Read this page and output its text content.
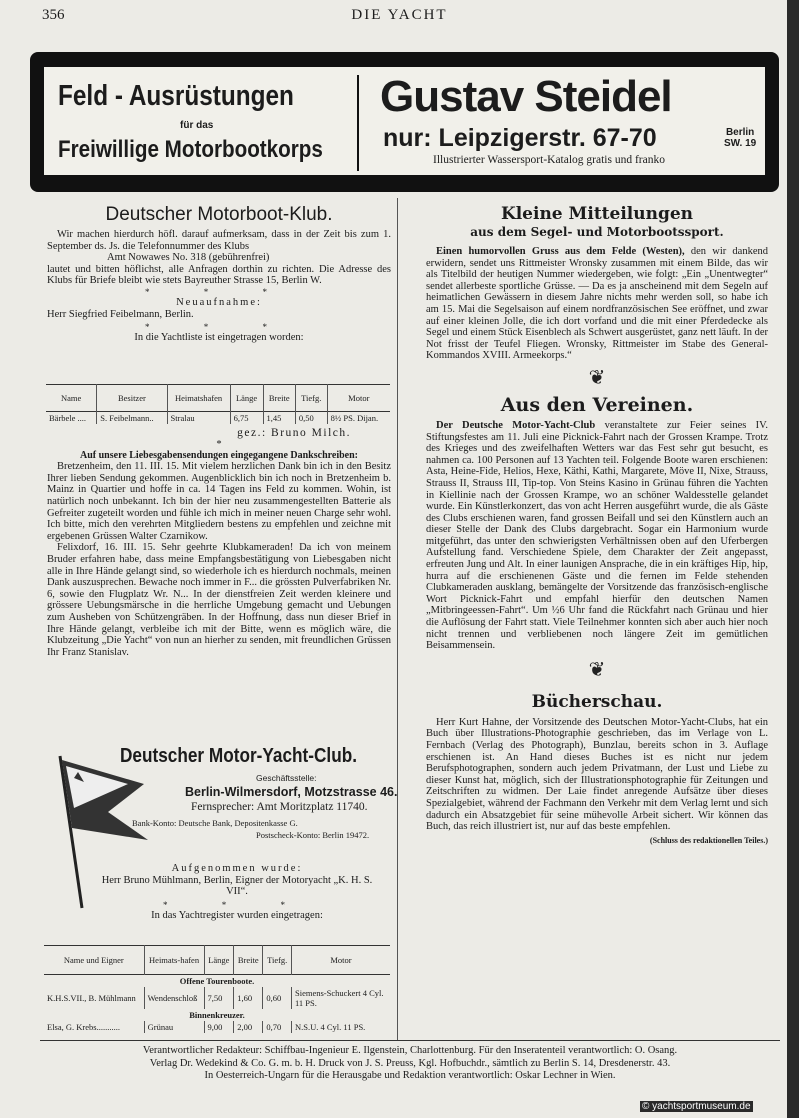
356	DIE YACHT
Feld - Ausrüstungen
für das
Freiwillige Motorbootkorps
Gustav Steidel
nur: Leipzigerstr. 67-70	Berlin
SW. 19
Illustrierter Wassersport-Katalog gratis und franko
Deutscher Motorboot-Klub.

Wir machen hierdurch höfl. darauf aufmerksam, dass in der Zeit bis zum 1. September ds. Js. die Telefonnummer des Klubs

Amt Nowawes No. 318 (gebührenfrei)

lautet und bitten höflichst, alle Anfragen dorthin zu richten. Die Adresse des Klubs für Briefe bleibt wie stets Bayreuther Strasse 15, Berlin W.

* * *
Neuaufnahme:
Herr Siegfried Feibelmann, Berlin.
* * *
In die Yachtliste ist eingetragen worden:
Name	Besitzer	Heimatshafen	Länge	Breite	Tiefg.	Motor
Bärbele ....	S. Feibelmann..	Stralau	6,75	1,45	0,50	8½ PS. Dijan.
gez.: Bruno Milch.
*
Auf unsere Liebesgabensendungen eingegangene Dankschreiben:

Bretzenheim, den 11. III. 15. Mit vielem herzlichen Dank bin ich in den Besitz Ihrer lieben Sendung gekommen. Augenblicklich bin ich noch in Bretzenheim b. Mainz in Quartier und hoffe in ca. 14 Tagen ins Feld zu kommen. Wohin, ist natürlich noch unbekannt. Ich bin der hier neu zusammengestellten Batterie als Gefreiter zugeteilt worden und fühle ich mich in meiner neuen Charge sehr wohl. Ich bitte, mich den verehrten Mitgliedern bestens zu empfehlen und zeichne mit ergebenen Grüssen Walter Czarnikow.

Felixdorf, 16. III. 15. Sehr geehrte Klubkameraden! Da ich von meinem Bruder erfahren habe, dass meine Empfangsbestätigung von Liebesgaben nicht alle in Ihre Hände gelangt sind, so wiederhole ich es hierdurch nochmals, meinen Dank auszusprechen. Bewache noch immer in F... die grössten Pulverfabriken Nr. 6, sowie den Flugplatz Wr. N... In der dienstfreien Zeit werden kleinere und grössere Uebungsmärsche in die herrliche Umgebung gemacht und Uebungen zum Ausheben von Schützengräben. In der Hoffnung, dass nun dieser Brief in Ihre Hände gelangt, verbleibe ich mit der Bitte, wenn es möglich wäre, die Klubzeitung „Die Yacht“ von nun an hierher zu senden, mit freundlichen Grüssen Ihr Franz Stanislav.

Deutscher Motor-Yacht-Club.
Geschäftsstelle:
Berlin-Wilmersdorf, Motzstrasse 46.
Fernsprecher: Amt Moritzplatz 11740.
Bank-Konto: Deutsche Bank, Depositenkasse G.
Postscheck-Konto: Berlin 19472.
Aufgenommen wurde:

Herr Bruno Mühlmann, Berlin, Eigner der Motoryacht „K. H. S. VII“.

* * *
In das Yachtregister wurden eingetragen:
Name und Eigner	Heimats-hafen	Länge	Breite	Tiefg.	Motor
Offene Tourenboote.					
K.H.S.VII., B. Mühlmann	Wendenschloß	7,50	1,60	0,60	Siemens-Schuckert 4 Cyl. 11 PS.
Binnenkreuzer.					
Elsa, G. Krebs...........	Grünau	9,00	2,00	0,70	N.S.U. 4 Cyl. 11 PS.
Kleine Mitteilungen
aus dem Segel- und Motorbootssport.

Einen humorvollen Gruss aus dem Felde (Westen), den wir dankend erwidern, sendet uns Rittmeister Wronsky zusammen mit einem Bilde, das wir als Titelbild der heutigen Nummer wiedergeben, wie folgt: „Ein „Unentwegter“ sendet allerbeste sportliche Grüsse. — Da es ja anscheinend mit dem Segeln auf heimatlichen Gewässern in diesem Jahre nichts mehr werden soll, so habe ich am 15. Mai die Segelsaison auf einem nordfranzösischen See eröffnet, und zwar auf einer kleinen Jolle, die ich dort vorfand und die mit einer Pferdedecke als Segel und einem Stück Eisenblech als Schwert ausgerüstet, ganz nett läuft. In der Not frisst der Teufel Fliegen. Wronsky, Rittmeister im Stabe des General-Kommandos XVIII. Armeekorps.“

❦
Aus den Vereinen.

Der Deutsche Motor-Yacht-Club veranstaltete zur Feier seines IV. Stiftungsfestes am 11. Juli eine Picknick-Fahrt nach der Grossen Krampe. Trotz des Krieges und des zweifelhaften Wetters war das Fest sehr gut besucht, es nahmen ca. 100 Personen auf 13 Yachten teil. Folgende Boote waren erschienen: Asta, Heine-Fide, Helios, Hexe, Käthi, Kathi, Margarete, Möve II, Nixe, Strauss, Strauss II, Strauss III, Tip-top. Von Steins Kasino in Grünau führen die Yachten in Kiellinie nach der Grossen Krampe, wo an schöner Waldesstelle gelandet wurde. Ein Künstlerkonzert, das von acht Herren ausgeführt wurde, die als Gäste des Clubs erschienen waren, fand grossen Beifall und sei den Künstlern auch an dieser Stelle der Dank des Clubs dargebracht. Sogar ein Harmonium wurde mitgeführt, das unter den schwierigsten Verhältnissen oben auf den Uferbergen Aufstellung fand. Verschiedene Spiele, dem Charakter der Zeit angepasst, erfreuten Jung und Alt. In einer launigen Ansprache, die in ein kräftiges Hip, hip, hurra auf die erschienenen Gäste und die fernen im Felde stehenden Clubkameraden ausklang, bemängelte der Vorsitzende das französisch-englische Wort Picknick-Fahrt und empfahl hierfür den deutschen Namen „Mitbringeessen-Fahrt“. Um ½6 Uhr fand die Rückfahrt nach Grünau und hier die Auflösung der Fahrt statt. Viele Teilnehmer konnten sich aber auch hier noch nicht trennen und verbliebenen noch längere Zeit im gemütlichen Beisammensein.

❦
Bücherschau.

Herr Kurt Hahne, der Vorsitzende des Deutschen Motor-Yacht-Clubs, hat ein Buch über Illustrations-Photographie geschrieben, das im Verlage von L. Fernbach (Verlag des Photograph), Bunzlau, bereits schon in 3. Auflage erschienen ist. An Hand dieses Buches ist es nicht nur jedem Berufsphotographen, sondern auch jedem Privatmann, der Lust und Liebe zu dieser Kunst hat, möglich, sich der Illustrationsphotographie für Zeitungen und Zeitschriften zu widmen. Der Laie findet anregende Aufsätze über dieses Spezialgebiet, während der Fachmann den Verkehr mit dem Verlag lernt und sich dadurch ein Absatzgebiet für seine mühevolle Arbeit sichert. Wir können das Buch, das reich illustriert ist, nur auf das beste empfehlen.

(Schluss des redaktionellen Teiles.)
Verantwortlicher Redakteur: Schiffbau-Ingenieur E. Ilgenstein, Charlottenburg. Für den Inseratenteil verantwortlich: O. Osang.
Verlag Dr. Wedekind & Co. G. m. b. H. Druck von J. S. Preuss, Kgl. Hofbuchdr., sämtlich zu Berlin S. 14, Dresdenerstr. 43.
In Oesterreich-Ungarn für die Herausgabe und Redaktion verantwortlich: Oskar Lechner in Wien.
© yachtsportmuseum.de
